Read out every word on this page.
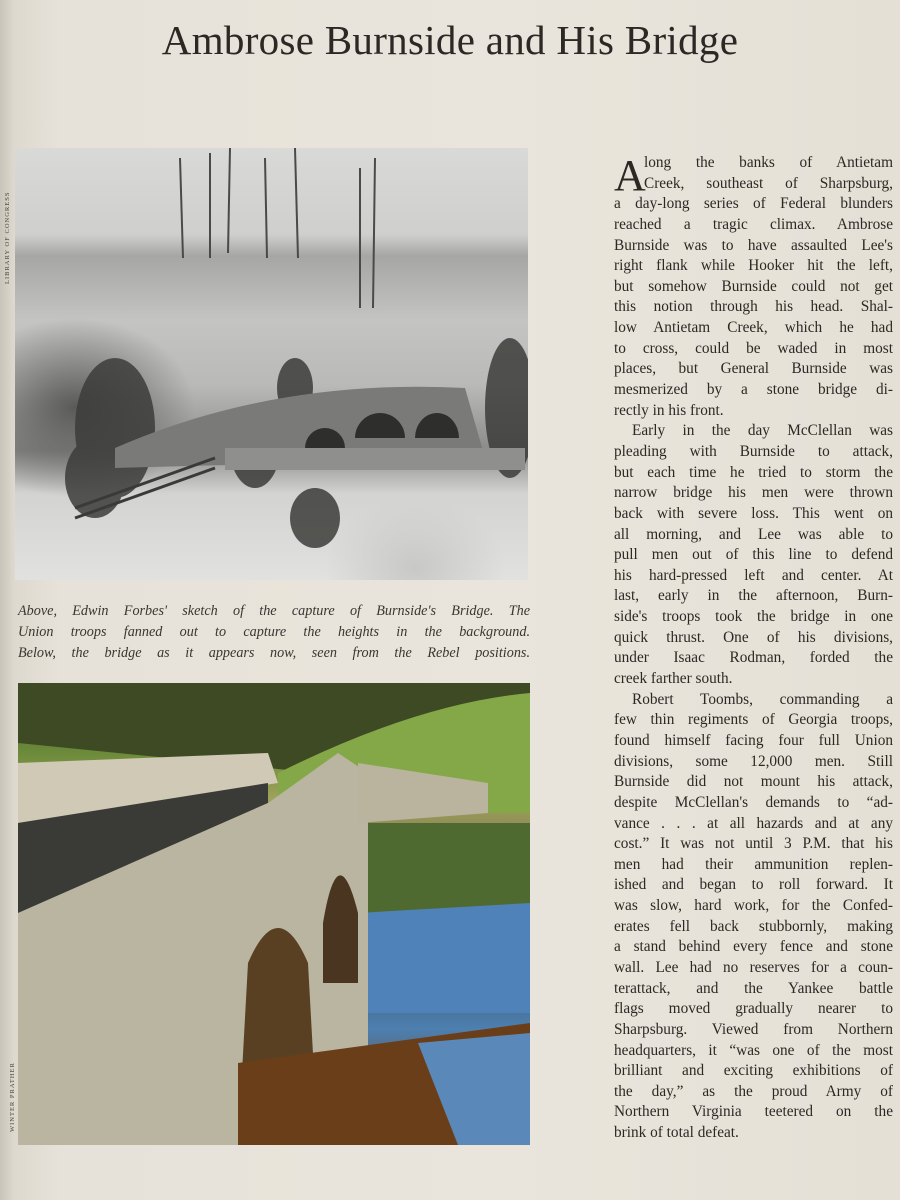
Ambrose Burnside and His Bridge
LIBRARY OF CONGRESS
WINTER PRATHER
Above, Edwin Forbes' sketch of the capture of Burnside's Bridge. The
Union troops fanned out to capture the heights in the background.
Below, the bridge as it appears now, seen from the Rebel positions.
A
long the banks of Antietam
Creek, southeast of Sharpsburg,
a day-long series of Federal blunders
reached a tragic climax. Ambrose
Burnside was to have assaulted Lee's
right flank while Hooker hit the left,
but somehow Burnside could not get
this notion through his head. Shal-
low Antietam Creek, which he had
to cross, could be waded in most
places, but General Burnside was
mesmerized by a stone bridge di-
rectly in his front.
Early in the day McClellan was
pleading with Burnside to attack,
but each time he tried to storm the
narrow bridge his men were thrown
back with severe loss. This went on
all morning, and Lee was able to
pull men out of this line to defend
his hard-pressed left and center. At
last, early in the afternoon, Burn-
side's troops took the bridge in one
quick thrust. One of his divisions,
under Isaac Rodman, forded the
creek farther south.
Robert Toombs, commanding a
few thin regiments of Georgia troops,
found himself facing four full Union
divisions, some 12,000 men. Still
Burnside did not mount his attack,
despite McClellan's demands to “ad-
vance . . . at all hazards and at any
cost.” It was not until 3 P.M. that his
men had their ammunition replen-
ished and began to roll forward. It
was slow, hard work, for the Confed-
erates fell back stubbornly, making
a stand behind every fence and stone
wall. Lee had no reserves for a coun-
terattack, and the Yankee battle
flags moved gradually nearer to
Sharpsburg. Viewed from Northern
headquarters, it “was one of the most
brilliant and exciting exhibitions of
the day,” as the proud Army of
Northern Virginia teetered on the
brink of total defeat.
